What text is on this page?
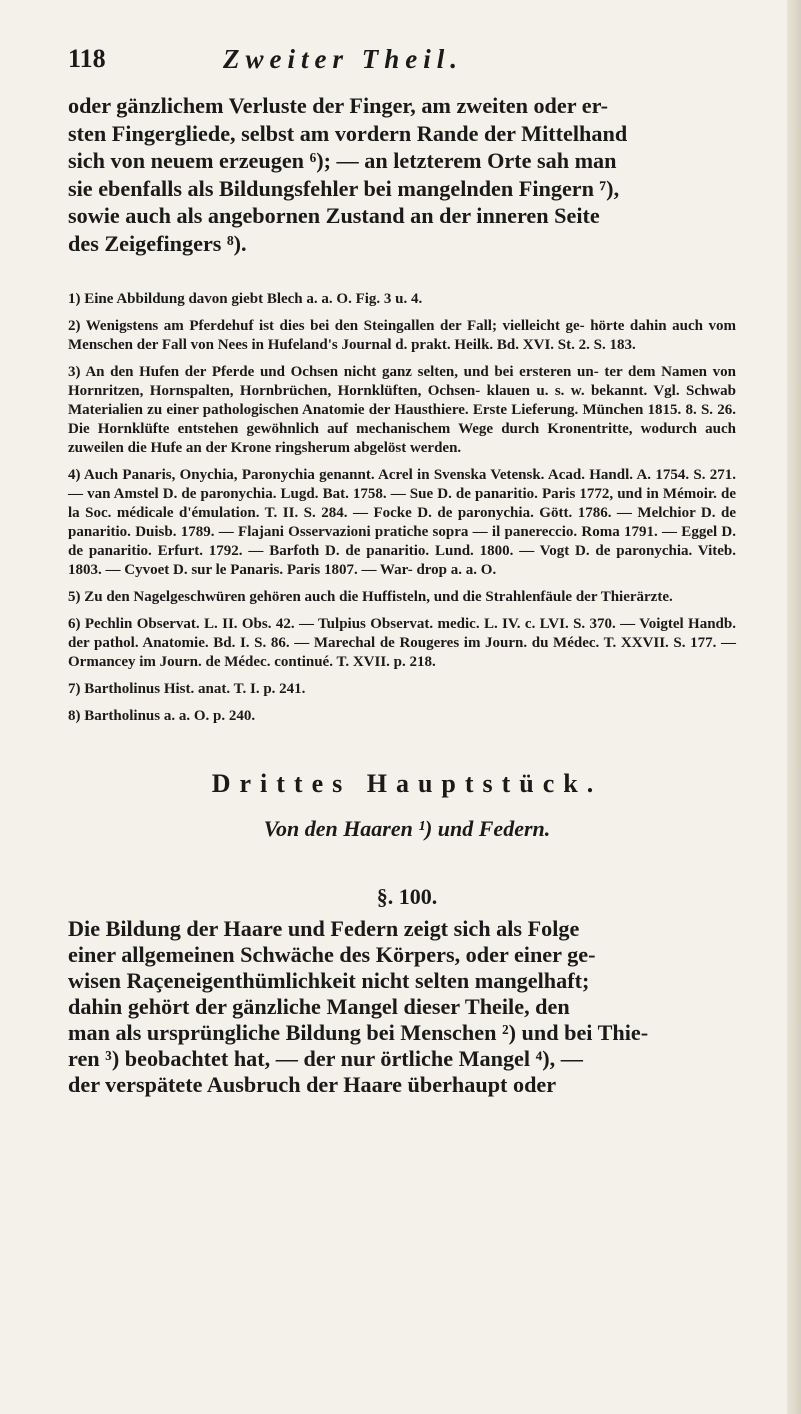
118	Zweiter Theil.

oder gänzlichem Verluste der Finger, am zweiten oder er-

sten Fingergliede, selbst am vordern Rande der Mittelhand

sich von neuem erzeugen ⁶); — an letzterem Orte sah man

sie ebenfalls als Bildungsfehler bei mangelnden Fingern ⁷),

sowie auch als angebornen Zustand an der inneren Seite

des Zeigefingers ⁸).

1) Eine Abbildung davon giebt Blech a. a. O. Fig. 3 u. 4.

2) Wenigstens am Pferdehuf ist dies bei den Steingallen der Fall; vielleicht ge- hörte dahin auch vom Menschen der Fall von Nees in Hufeland's Journal d. prakt. Heilk. Bd. XVI. St. 2. S. 183.

3) An den Hufen der Pferde und Ochsen nicht ganz selten, und bei ersteren un- ter dem Namen von Hornritzen, Hornspalten, Hornbrüchen, Hornklüften, Ochsen- klauen u. s. w. bekannt. Vgl. Schwab Materialien zu einer pathologischen Anatomie der Hausthiere. Erste Lieferung. München 1815. 8. S. 26. Die Hornklüfte entstehen gewöhnlich auf mechanischem Wege durch Kronentritte, wodurch auch zuweilen die Hufe an der Krone ringsherum abgelöst werden.

4) Auch Panaris, Onychia, Paronychia genannt. Acrel in Svenska Vetensk. Acad. Handl. A. 1754. S. 271. — van Amstel D. de paronychia. Lugd. Bat. 1758. — Sue D. de panaritio. Paris 1772, und in Mémoir. de la Soc. médicale d'émulation. T. II. S. 284. — Focke D. de paronychia. Gött. 1786. — Melchior D. de panaritio. Duisb. 1789. — Flajani Osservazioni pratiche sopra — il panereccio. Roma 1791. — Eggel D. de panaritio. Erfurt. 1792. — Barfoth D. de panaritio. Lund. 1800. — Vogt D. de paronychia. Viteb. 1803. — Cyvoet D. sur le Panaris. Paris 1807. — War- drop a. a. O.

5) Zu den Nagelgeschwüren gehören auch die Huffisteln, und die Strahlenfäule der Thierärzte.

6) Pechlin Observat. L. II. Obs. 42. — Tulpius Observat. medic. L. IV. c. LVI. S. 370. — Voigtel Handb. der pathol. Anatomie. Bd. I. S. 86. — Marechal de Rougeres im Journ. du Médec. T. XXVII. S. 177. — Ormancey im Journ. de Médec. continué. T. XVII. p. 218.

7) Bartholinus Hist. anat. T. I. p. 241.

8) Bartholinus a. a. O. p. 240.

Drittes Hauptstück.
Von den Haaren ¹) und Federn.
§. 100.

Die Bildung der Haare und Federn zeigt sich als Folge

einer allgemeinen Schwäche des Körpers, oder einer ge-

wisen Raçeneigenthümlichkeit nicht selten mangelhaft;

dahin gehört der gänzliche Mangel dieser Theile, den

man als ursprüngliche Bildung bei Menschen ²) und bei Thie-

ren ³) beobachtet hat, — der nur örtliche Mangel ⁴), —

der verspätete Ausbruch der Haare überhaupt oder
